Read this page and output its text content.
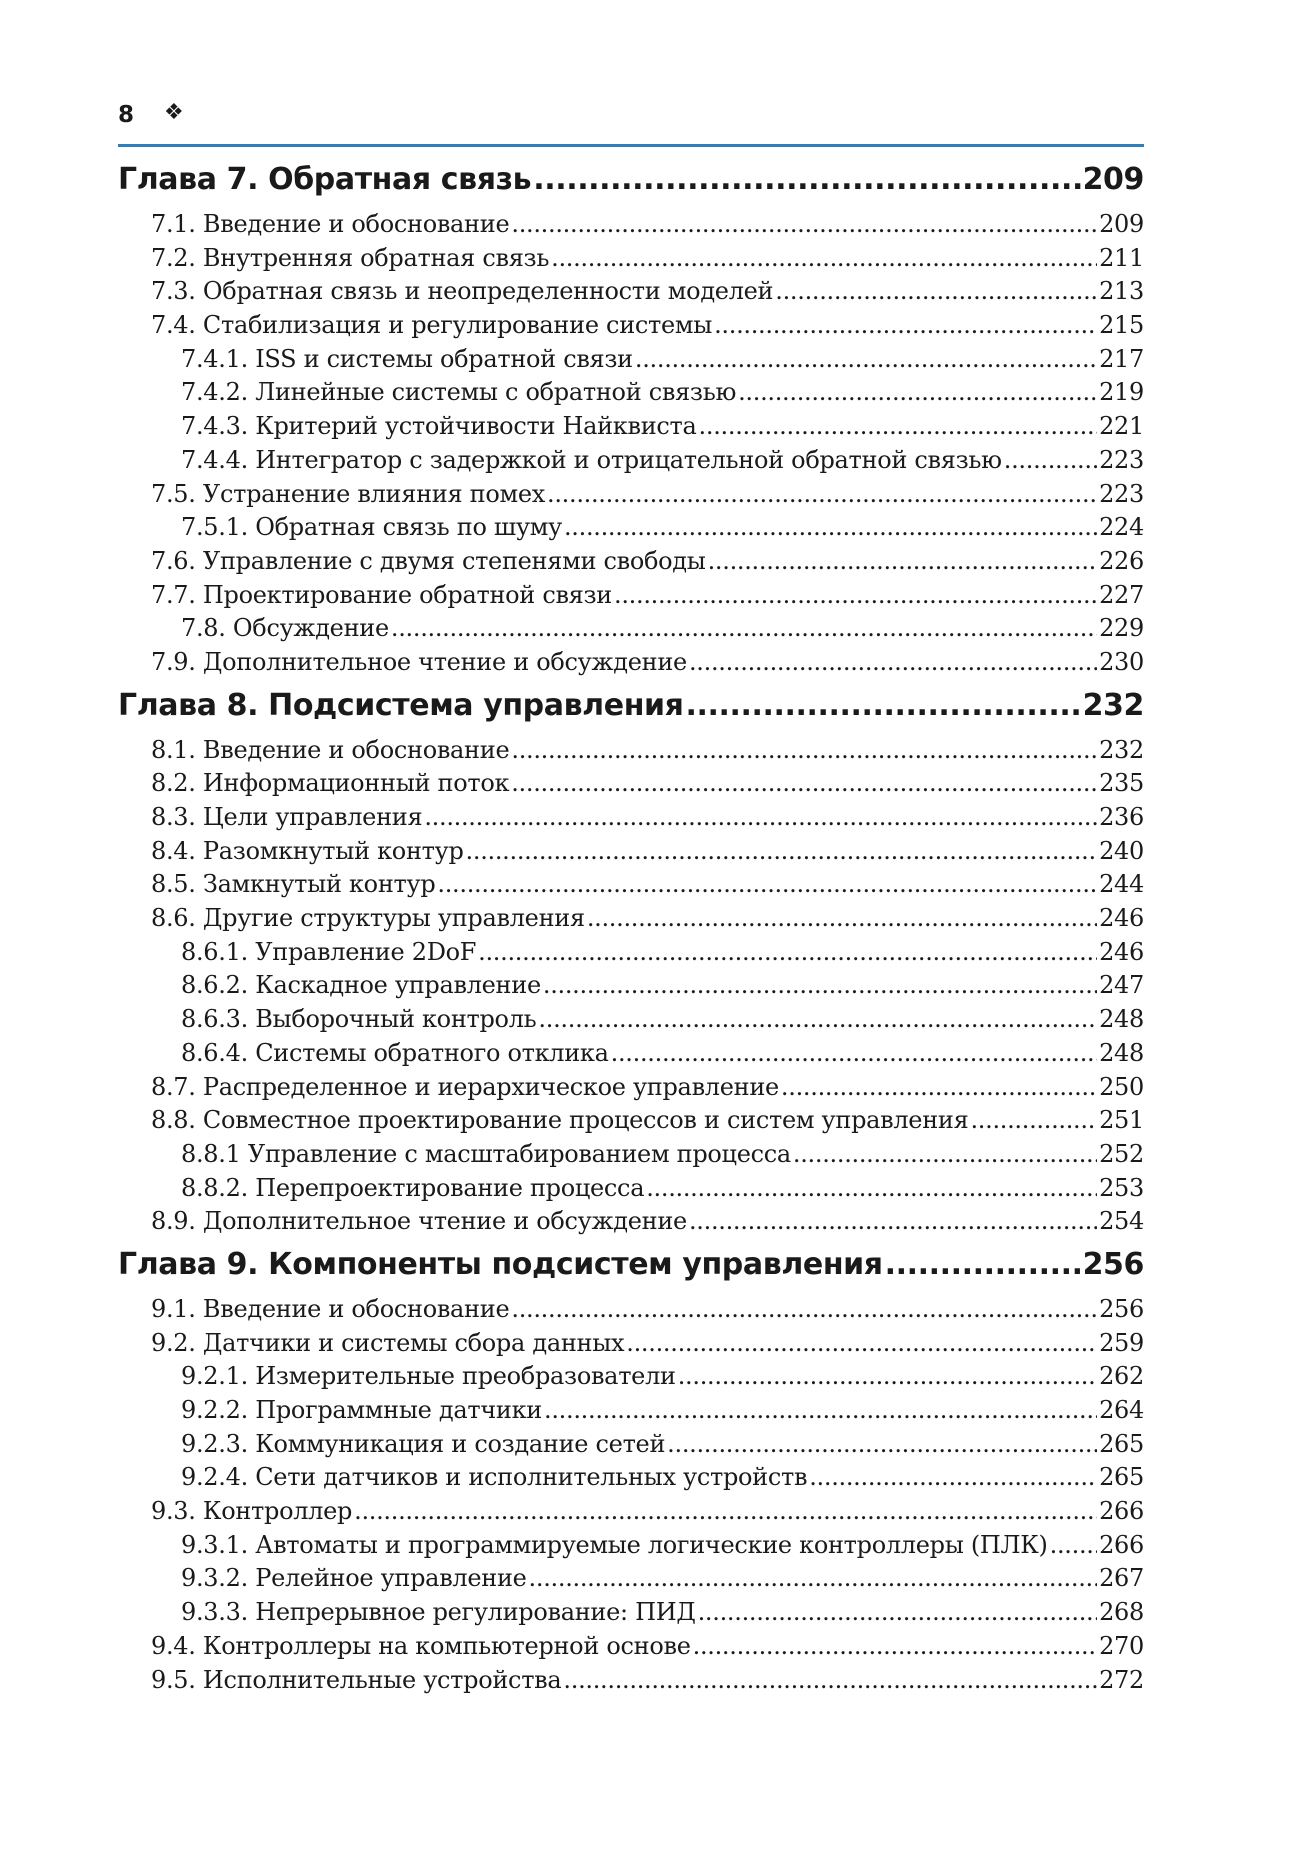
8 ❖
Глава 7. Обратная связь .....	209
7.1. Введение и обоснование .....	209
7.2. Внутренняя обратная связь .....	211
7.3. Обратная связь и неопределенности моделей .....	213
7.4. Стабилизация и регулирование системы .....	215
7.4.1. ISS и системы обратной связи .....	217
7.4.2. Линейные системы с обратной связью .....	219
7.4.3. Критерий устойчивости Найквиста .....	221
7.4.4. Интегратор с задержкой и отрицательной обратной связью .....	223
7.5. Устранение влияния помех .....	223
7.5.1. Обратная связь по шуму .....	224
7.6. Управление с двумя степенями свободы .....	226
7.7. Проектирование обратной связи .....	227
7.8. Обсуждение .....	229
7.9. Дополнительное чтение и обсуждение .....	230
Глава 8. Подсистема управления .....	232
8.1. Введение и обоснование .....	232
8.2. Информационный поток .....	235
8.3. Цели управления .....	236
8.4. Разомкнутый контур .....	240
8.5. Замкнутый контур .....	244
8.6. Другие структуры управления .....	246
8.6.1. Управление 2DoF .....	246
8.6.2. Каскадное управление .....	247
8.6.3. Выборочный контроль .....	248
8.6.4. Системы обратного отклика .....	248
8.7. Распределенное и иерархическое управление .....	250
8.8. Совместное проектирование процессов и систем управления .....	251
8.8.1 Управление с масштабированием процесса .....	252
8.8.2. Перепроектирование процесса .....	253
8.9. Дополнительное чтение и обсуждение .....	254
Глава 9. Компоненты подсистем управления .....	256
9.1. Введение и обоснование .....	256
9.2. Датчики и системы сбора данных .....	259
9.2.1. Измерительные преобразователи .....	262
9.2.2. Программные датчики .....	264
9.2.3. Коммуникация и создание сетей .....	265
9.2.4. Сети датчиков и исполнительных устройств .....	265
9.3. Контроллер .....	266
9.3.1. Автоматы и программируемые логические контроллеры (ПЛК) ..... 266
9.3.2. Релейное управление .....	267
9.3.3. Непрерывное регулирование: ПИД .....	268
9.4. Контроллеры на компьютерной основе .....	270
9.5. Исполнительные устройства .....	272
